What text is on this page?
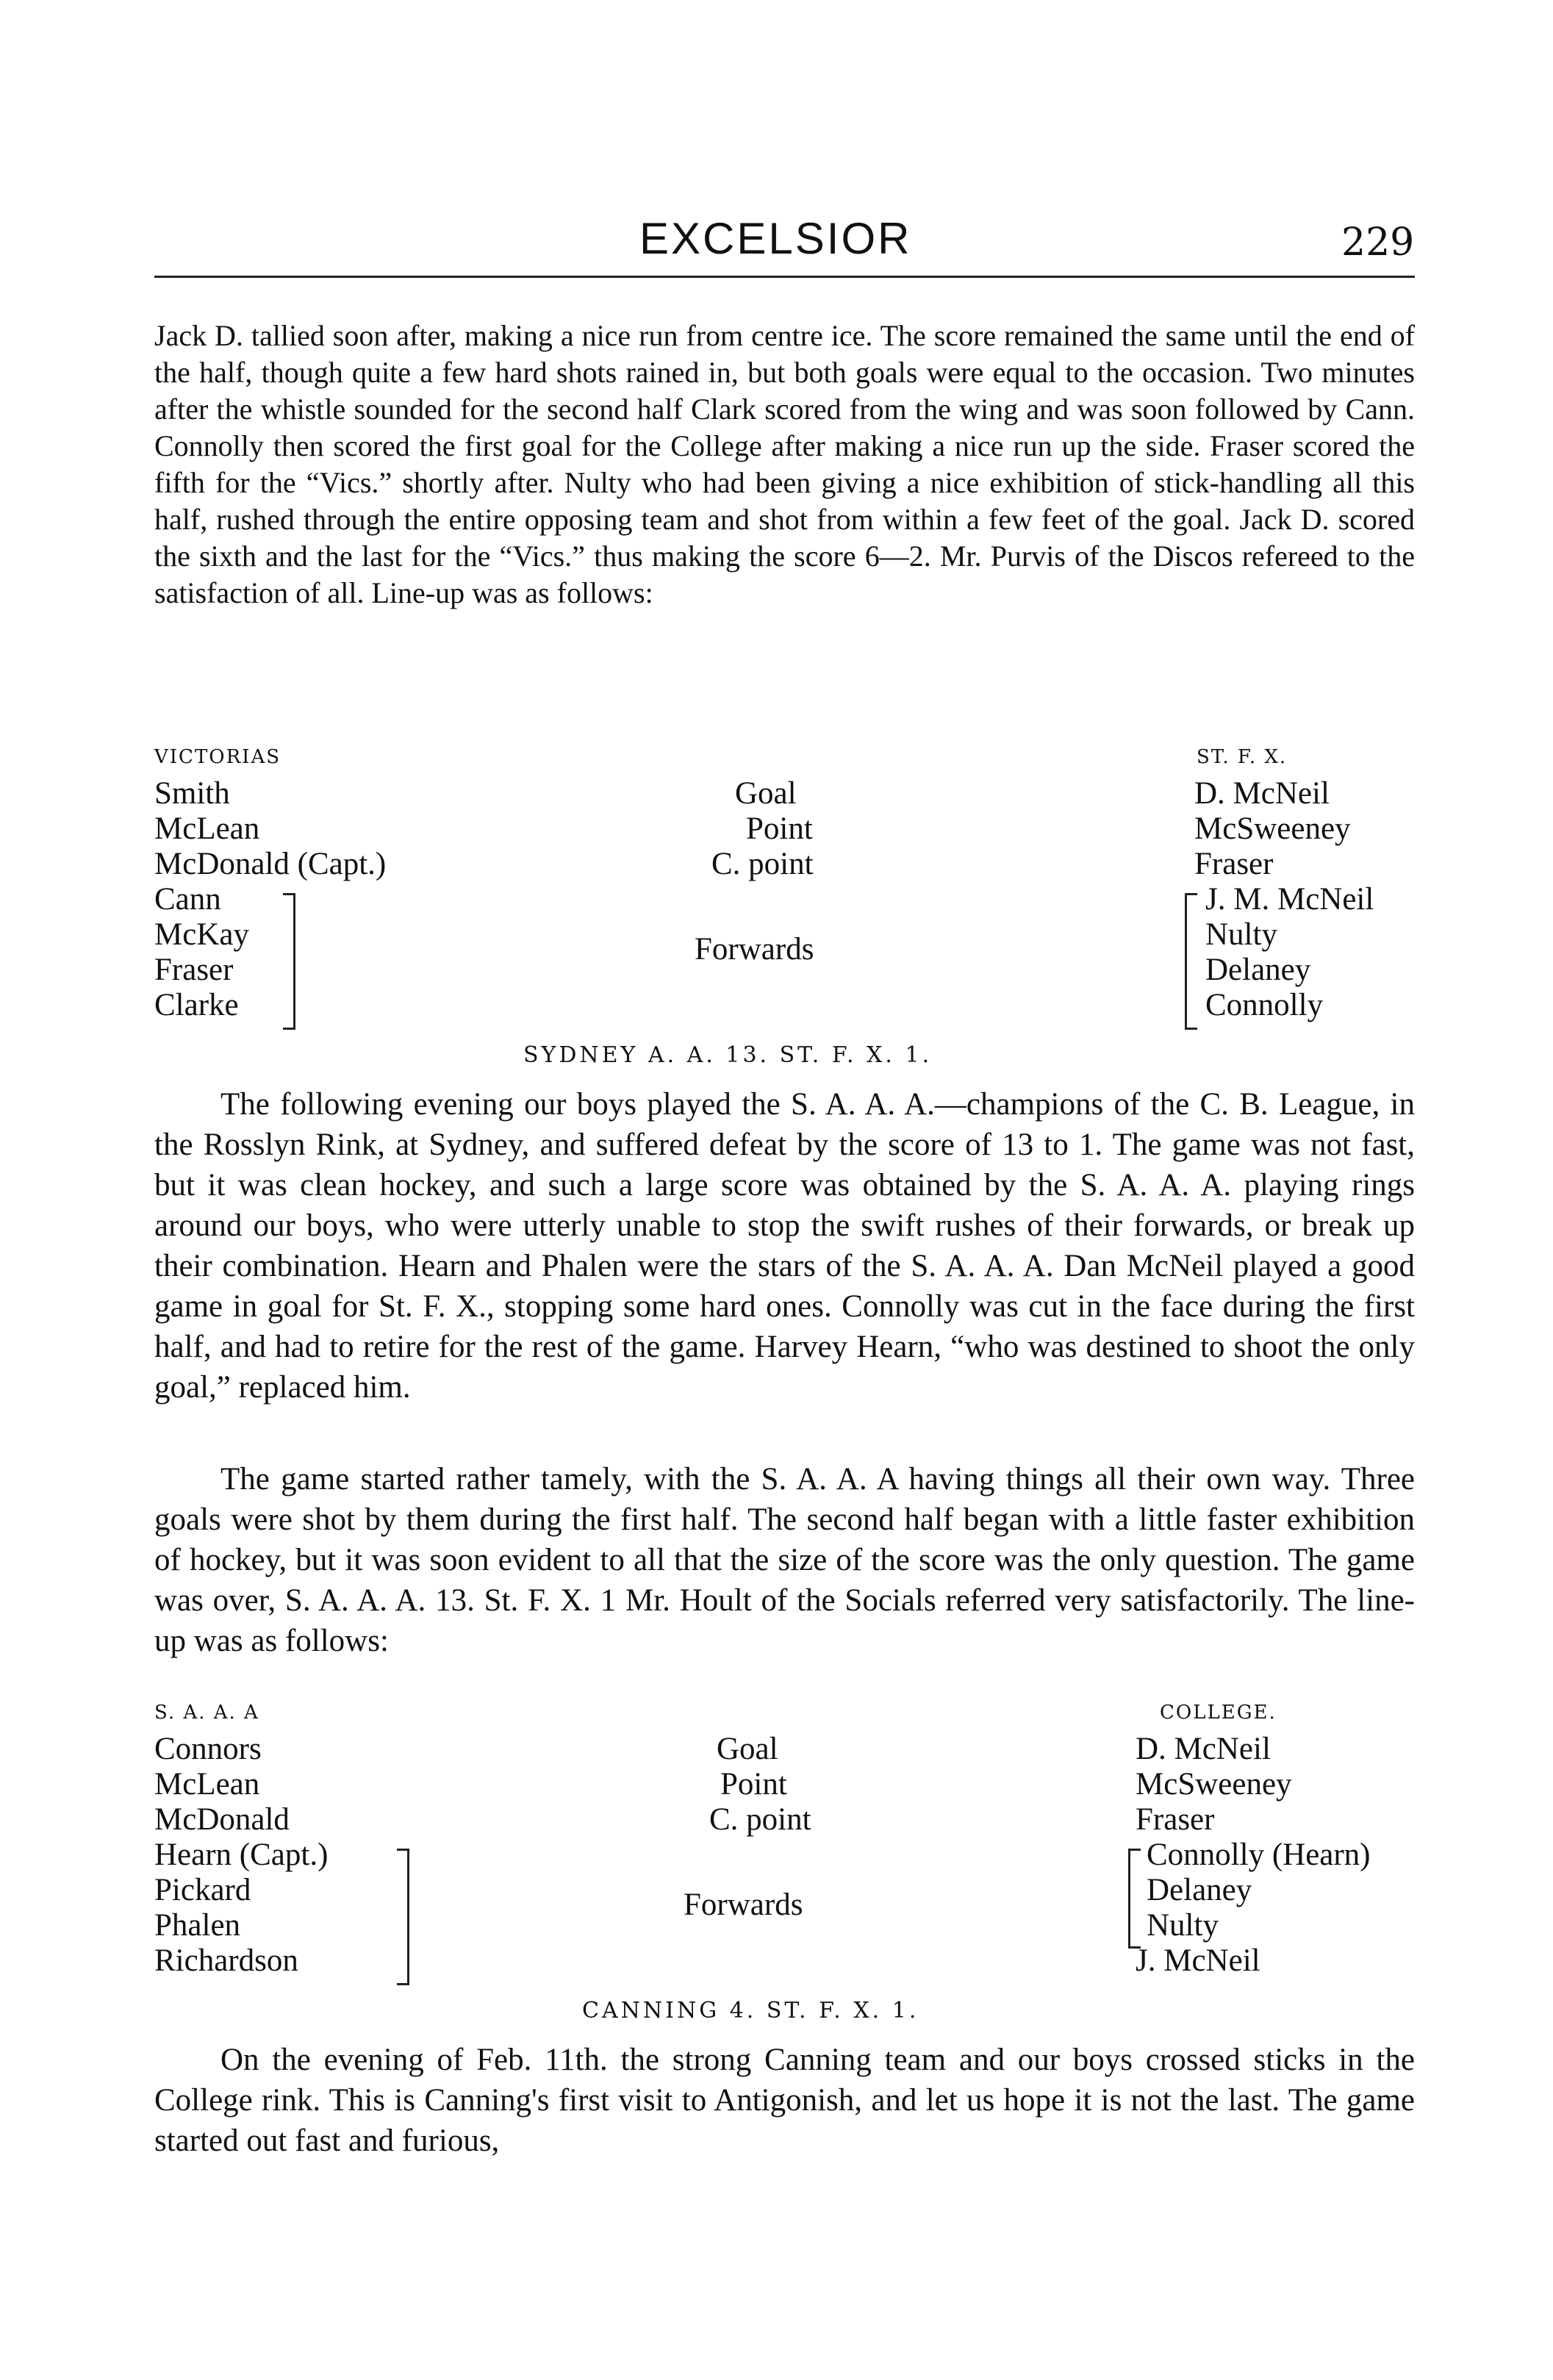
EXCELSIOR	229
Jack D. tallied soon after, making a nice run from centre ice. The score remained the same until the end of the half, though quite a few hard shots rained in, but both goals were equal to the occasion. Two minutes after the whistle sounded for the second half Clark scored from the wing and was soon followed by Cann. Connolly then scored the first goal for the College after making a nice run up the side. Fraser scored the fifth for the “Vics.” shortly after. Nulty who had been giving a nice exhibition of stick-handling all this half, rushed through the entire opposing team and shot from within a few feet of the goal. Jack D. scored the sixth and the last for the “Vics.” thus making the score 6—2. Mr. Purvis of the Discos refereed to the satisfaction of all. Line-up was as follows:
VICTORIAS	ST. F. X.
Smith	Goal	D. McNeil
McLean	Point	McSweeney
McDonald (Capt.)	C. point	Fraser
Cann	J. M. McNeil
McKay	Forwards	Nulty
Fraser	Delaney
Clarke	Connolly
SYDNEY A. A. 13. ST. F. X. 1.
The following evening our boys played the S. A. A. A.—champions of the C. B. League, in the Rosslyn Rink, at Sydney, and suffered defeat by the score of 13 to 1. The game was not fast, but it was clean hockey, and such a large score was obtained by the S. A. A. A. playing rings around our boys, who were utterly unable to stop the swift rushes of their forwards, or break up their combination. Hearn and Phalen were the stars of the S. A. A. A. Dan McNeil played a good game in goal for St. F. X., stopping some hard ones. Connolly was cut in the face during the first half, and had to retire for the rest of the game. Harvey Hearn, “who was destined to shoot the only goal,” replaced him.
The game started rather tamely, with the S. A. A. A having things all their own way. Three goals were shot by them during the first half. The second half began with a little faster exhibition of hockey, but it was soon evident to all that the size of the score was the only question. The game was over, S. A. A. A. 13. St. F. X. 1 Mr. Hoult of the Socials referred very satisfactorily. The line-up was as follows:
S. A. A. A	COLLEGE.
Connors	Goal	D. McNeil
McLean	Point	McSweeney
McDonald	C. point	Fraser
Hearn (Capt.)	Connolly (Hearn)
Pickard	Forwards	Delaney
Phalen	Nulty
Richardson	J. McNeil
CANNING 4. ST. F. X. 1.
On the evening of Feb. 11th. the strong Canning team and our boys crossed sticks in the College rink. This is Canning's first visit to Antigonish, and let us hope it is not the last. The game started out fast and furious,
